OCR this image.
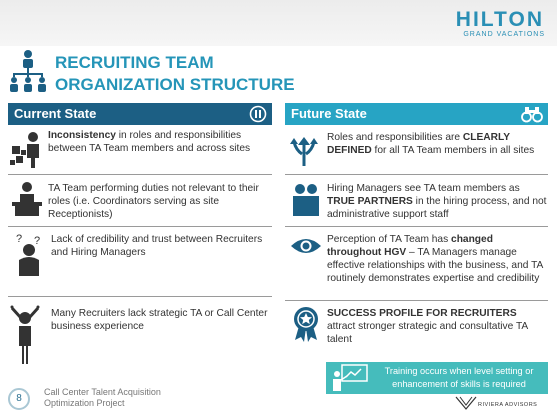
HILTON
GRAND VACATIONS
RECRUITING TEAM
ORGANIZATION STRUCTURE
Current State	Future State
Inconsistency in roles and responsibilities between TA Team members and across sites
TA Team performing duties not relevant to their roles (i.e. Coordinators serving as site Receptionists)
? ? Lack of credibility and trust between Recruiters and Hiring Managers
Many Recruiters lack strategic TA or Call Center business experience
Roles and responsibilities are CLEARLY DEFINED for all TA Team members in all sites
Hiring Managers see TA team members as TRUE PARTNERS in the hiring process, and not administrative support staff
Perception of TA Team has changed throughout HGV – TA Managers manage effective relationships with the business, and TA routinely demonstrates expertise and credibility
SUCCESS PROFILE FOR RECRUITERS attract stronger strategic and consultative TA talent
Training occurs when level setting or enhancement of skills is required
8
Call Center Talent Acquisition
Optimization Project	RIVIERA ADVISORS
